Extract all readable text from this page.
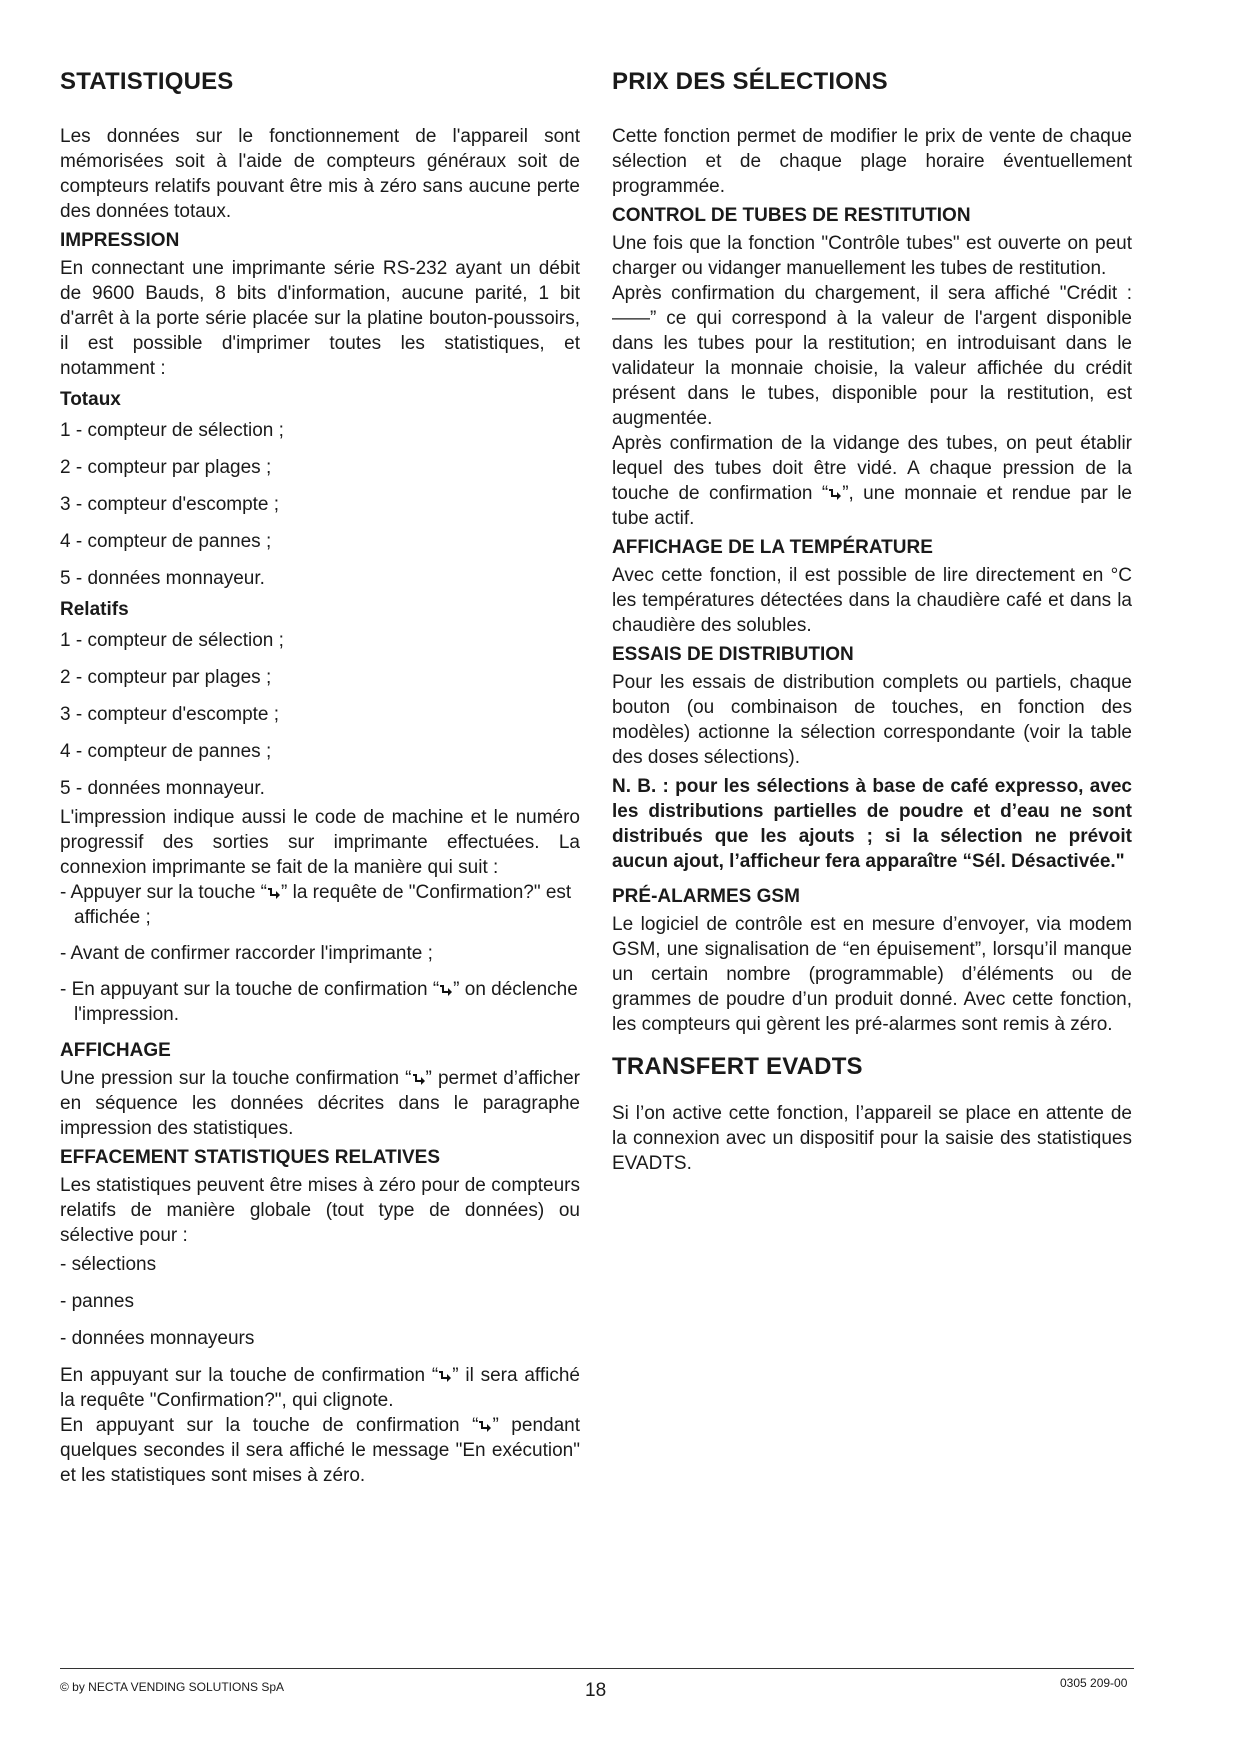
STATISTIQUES

Les données sur le fonctionnement de l'appareil sont mémorisées soit à l'aide de compteurs généraux soit de compteurs relatifs pouvant être mis à zéro sans aucune perte des données totaux.

IMPRESSION

En connectant une imprimante série RS-232 ayant un débit de 9600 Bauds, 8 bits d'information, aucune parité, 1 bit d'arrêt à la porte série placée sur la platine bouton-poussoirs, il est possible d'imprimer toutes les statistiques, et notamment :

Totaux
1 - compteur de sélection ;
2 - compteur par plages ;
3 - compteur d'escompte ;
4 - compteur de pannes ;
5 - données monnayeur.
Relatifs
1 - compteur de sélection ;
2 - compteur par plages ;
3 - compteur d'escompte ;
4 - compteur de pannes ;
5 - données monnayeur.

L'impression indique aussi le code de machine et le numéro progressif des sorties sur imprimante effectuées. La connexion imprimante se fait de la manière qui suit :

- Appuyer sur la touche “ ” la requête de "Confirmation?" est affichée ;
- Avant de confirmer raccorder l'imprimante ;
- En appuyant sur la touche de confirmation “ ” on déclenche l'impression.
AFFICHAGE

Une pression sur la touche confirmation “ ” permet d’afficher en séquence les données décrites dans le paragraphe impression des statistiques.

EFFACEMENT STATISTIQUES RELATIVES

Les statistiques peuvent être mises à zéro pour de compteurs relatifs de manière globale (tout type de données) ou sélective pour :

- sélections
- pannes
- données monnayeurs

En appuyant sur la touche de confirmation “ ” il sera affiché la requête "Confirmation?", qui clignote.

En appuyant sur la touche de confirmation “ ” pendant quelques secondes il sera affiché le message "En exécution" et les statistiques sont mises à zéro.

PRIX DES SÉLECTIONS

Cette fonction permet de modifier le prix de vente de chaque sélection et de chaque plage horaire éventuellement programmée.

CONTROL DE TUBES DE RESTITUTION

Une fois que la fonction "Contrôle tubes" est ouverte on peut charger ou vidanger manuellement les tubes de restitution.

Après confirmation du chargement, il sera affiché "Crédit : ——” ce qui correspond à la valeur de l'argent disponible dans les tubes pour la restitution; en introduisant dans le validateur la monnaie choisie, la valeur affichée du crédit présent dans le tubes, disponible pour la restitution, est augmentée.

Après confirmation de la vidange des tubes, on peut établir lequel des tubes doit être vidé. A chaque pression de la touche de confirmation “ ”, une monnaie et rendue par le tube actif.

AFFICHAGE DE LA TEMPÉRATURE

Avec cette fonction, il est possible de lire directement en °C les températures détectées dans la chaudière café et dans la chaudière des solubles.

ESSAIS DE DISTRIBUTION

Pour les essais de distribution complets ou partiels, chaque bouton (ou combinaison de touches, en fonction des modèles) actionne la sélection correspondante (voir la table des doses sélections).

N. B. : pour les sélections à base de café expresso, avec les distributions partielles de poudre et d’eau ne sont distribués que les ajouts ; si la sélection ne prévoit aucun ajout, l’afficheur fera apparaître “Sél. Désactivée."
PRÉ-ALARMES GSM

Le logiciel de contrôle est en mesure d’envoyer, via modem GSM, une signalisation de “en épuisement”, lorsqu’il manque un certain nombre (programmable) d’éléments ou de grammes de poudre d’un produit donné. Avec cette fonction, les compteurs qui gèrent les pré-alarmes sont remis à zéro.

TRANSFERT EVADTS

Si l’on active cette fonction, l’appareil se place en attente de la connexion avec un dispositif pour la saisie des statistiques EVADTS.

© by NECTA VENDING SOLUTIONS SpA	18	0305 209-00
